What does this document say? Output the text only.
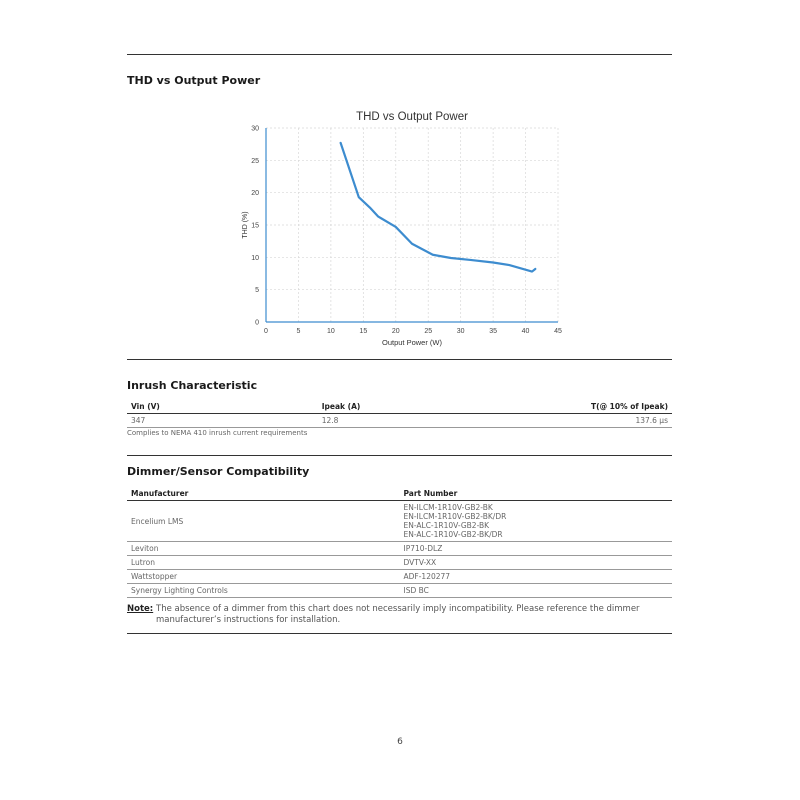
THD vs Output Power
THD vs Output Power
0	5	10	15	20	25	30	35	40	45
0
5
10
15
20
25
30
Output Power (W)
THD (%)
Inrush Characteristic
Vin (V)	Ipeak (A)	T(@ 10% of Ipeak)
347	12.8	137.6 μs
Complies to NEMA 410 inrush current requirements
Dimmer/Sensor Compatibility
Manufacturer	Part Number
Encelium LMS	EN-ILCM-1R10V-GB2-BK
EN-ILCM-1R10V-GB2-BK/DR
EN-ALC-1R10V-GB2-BK
EN-ALC-1R10V-GB2-BK/DR

Leviton	IP710-DLZ
Lutron	DVTV-XX
Wattstopper	ADF-120277
Synergy Lighting Controls	ISD BC
Note: The absence of a dimmer from this chart does not necessarily imply incompatibility. Please reference the dimmer manufacturer’s instructions for installation.
6
